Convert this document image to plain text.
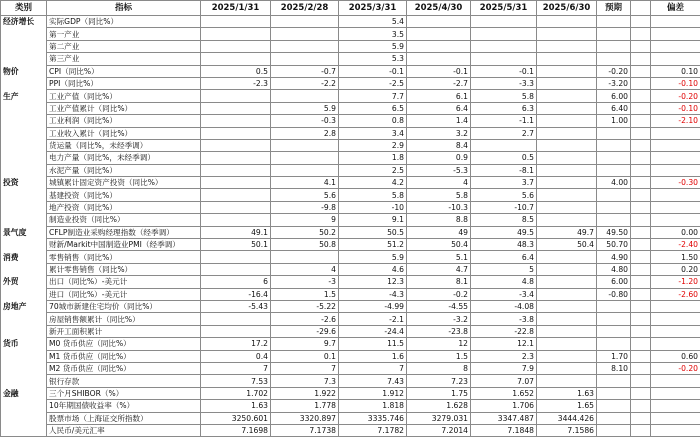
类别	指标	2025/1/31	2025/2/28	2025/3/31	2025/4/30	2025/5/31	2025/6/30	预期		偏差
经济增长	实际GDP（同比%）			5.4						
	第一产业			3.5						
	第二产业			5.9						
	第三产业			5.3						
物价	CPI（同比%）	0.5	-0.7	-0.1	-0.1	-0.1		-0.20		0.10
	PPI（同比%）	-2.3	-2.2	-2.5	-2.7	-3.3		-3.20		-0.10
生产	工业产值（同比%）			7.7	6.1	5.8		6.00		-0.20
	工业产值累计（同比%）		5.9	6.5	6.4	6.3		6.40		-0.10
	工业利润（同比%）		-0.3	0.8	1.4	-1.1		1.00		-2.10
	工业收入累计（同比%）		2.8	3.4	3.2	2.7				
	货运量（同比%，未经季调）			2.9	8.4					
	电力产量（同比%，未经季调）			1.8	0.9	0.5				
	水泥产量（同比%）			2.5	-5.3	-8.1				
投资	城镇累计固定资产投资（同比%）		4.1	4.2	4	3.7		4.00		-0.30
	基建投资（同比%）		5.6	5.8	5.8	5.6				
	地产投资（同比%）		-9.8	-10	-10.3	-10.7				
	制造业投资（同比%）		9	9.1	8.8	8.5				
景气度	CFLP制造业采购经理指数（经季调）	49.1	50.2	50.5	49	49.5	49.7	49.50		0.00
	财新/Markit中国制造业PMI（经季调）	50.1	50.8	51.2	50.4	48.3	50.4	50.70		-2.40
消费	零售销售（同比%）			5.9	5.1	6.4		4.90		1.50
	累计零售销售（同比%）		4	4.6	4.7	5		4.80		0.20
外贸	出口（同比%）-美元计	6	-3	12.3	8.1	4.8		6.00		-1.20
	进口（同比%）-美元计	-16.4	1.5	-4.3	-0.2	-3.4		-0.80		-2.60
房地产	70城市新建住宅均价（同比%）	-5.43	-5.22	-4.99	-4.55	-4.08				
	房屋销售额累计（同比%）		-2.6	-2.1	-3.2	-3.8				
	新开工面积累计		-29.6	-24.4	-23.8	-22.8				
货币	M0 货币供应（同比%）	17.2	9.7	11.5	12	12.1				
	M1 货币供应（同比%）	0.4	0.1	1.6	1.5	2.3		1.70		0.60
	M2 货币供应（同比%）	7	7	7	8	7.9		8.10		-0.20
	银行存款	7.53	7.3	7.43	7.23	7.07				
金融	三个月SHIBOR（%）	1.702	1.922	1.912	1.75	1.652	1.63			
	10年期国债收益率（%）	1.63	1.778	1.818	1.628	1.706	1.65			
	股票市场（上海证交所指数）	3250.601	3320.897	3335.746	3279.031	3347.487	3444.426			
	人民币/美元汇率	7.1698	7.1738	7.1782	7.2014	7.1848	7.1586			
